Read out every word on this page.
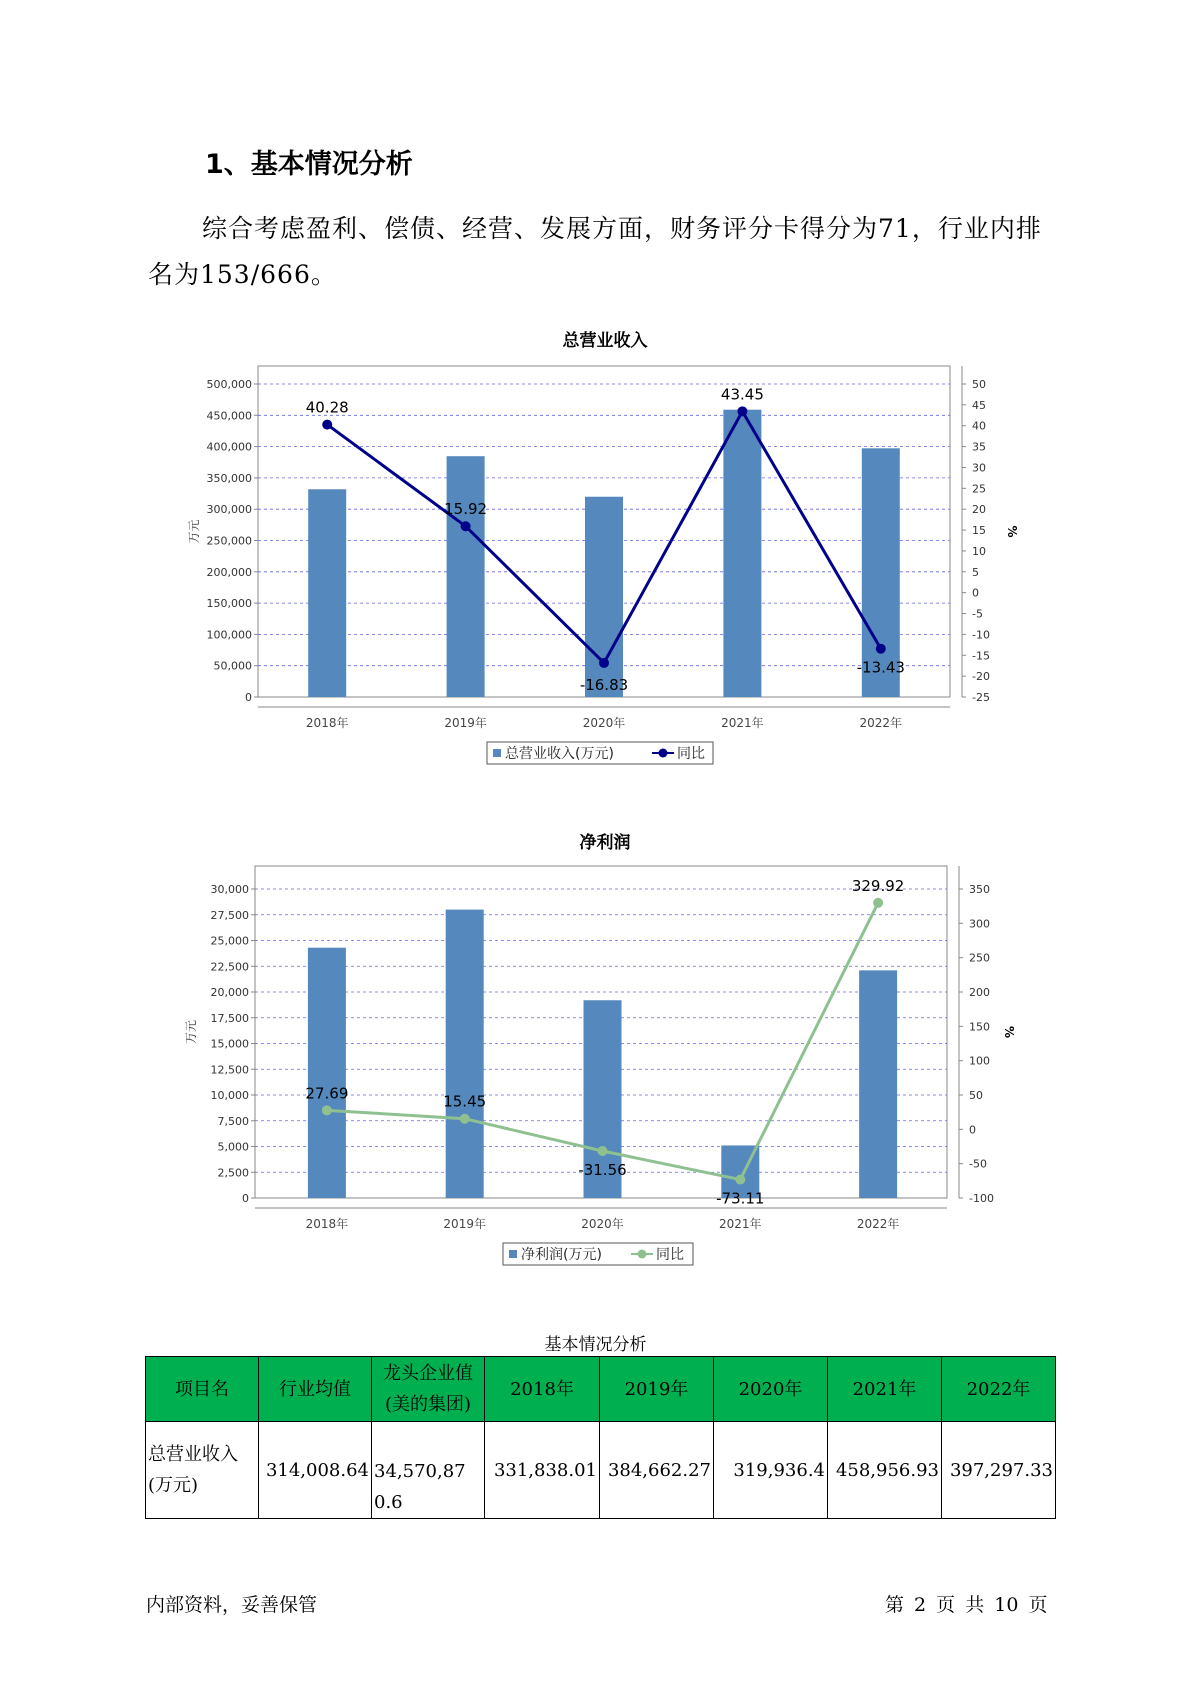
1、基本情况分析
综合考虑盈利、偿债、经营、发展方面，财务评分卡得分为71，行业内排名为153/666。
总营业收入
0
50,000
100,000
150,000
200,000
250,000
300,000
350,000
400,000
450,000
500,000
-25
-20
-15
-10
-5
0
5
10
15
20
25
30
35
40
45
50
万元	%
2018年	2019年	2020年	2021年	2022年
40.28
15.92
-16.83
43.45
-13.43
总营业收入(万元)	同比
净利润
0
2,500
5,000
7,500
10,000
12,500
15,000
17,500
20,000
22,500
25,000
27,500
30,000
-100
-50
0
50
100
150
200
250
300
350
万元	%
2018年	2019年	2020年	2021年	2022年
27.69	15.45
-31.56
-73.11
329.92
净利润(万元)	同比
基本情况分析
项目名	行业均值	龙头企业值(美的集团)	2018年	2019年	2020年	2021年	2022年
总营业收入(万元)	314,008.64	34,570,870.6	331,838.01	384,662.27	319,936.4	458,956.93	397,297.33
内部资料，妥善保管	第 2 页 共 10 页
